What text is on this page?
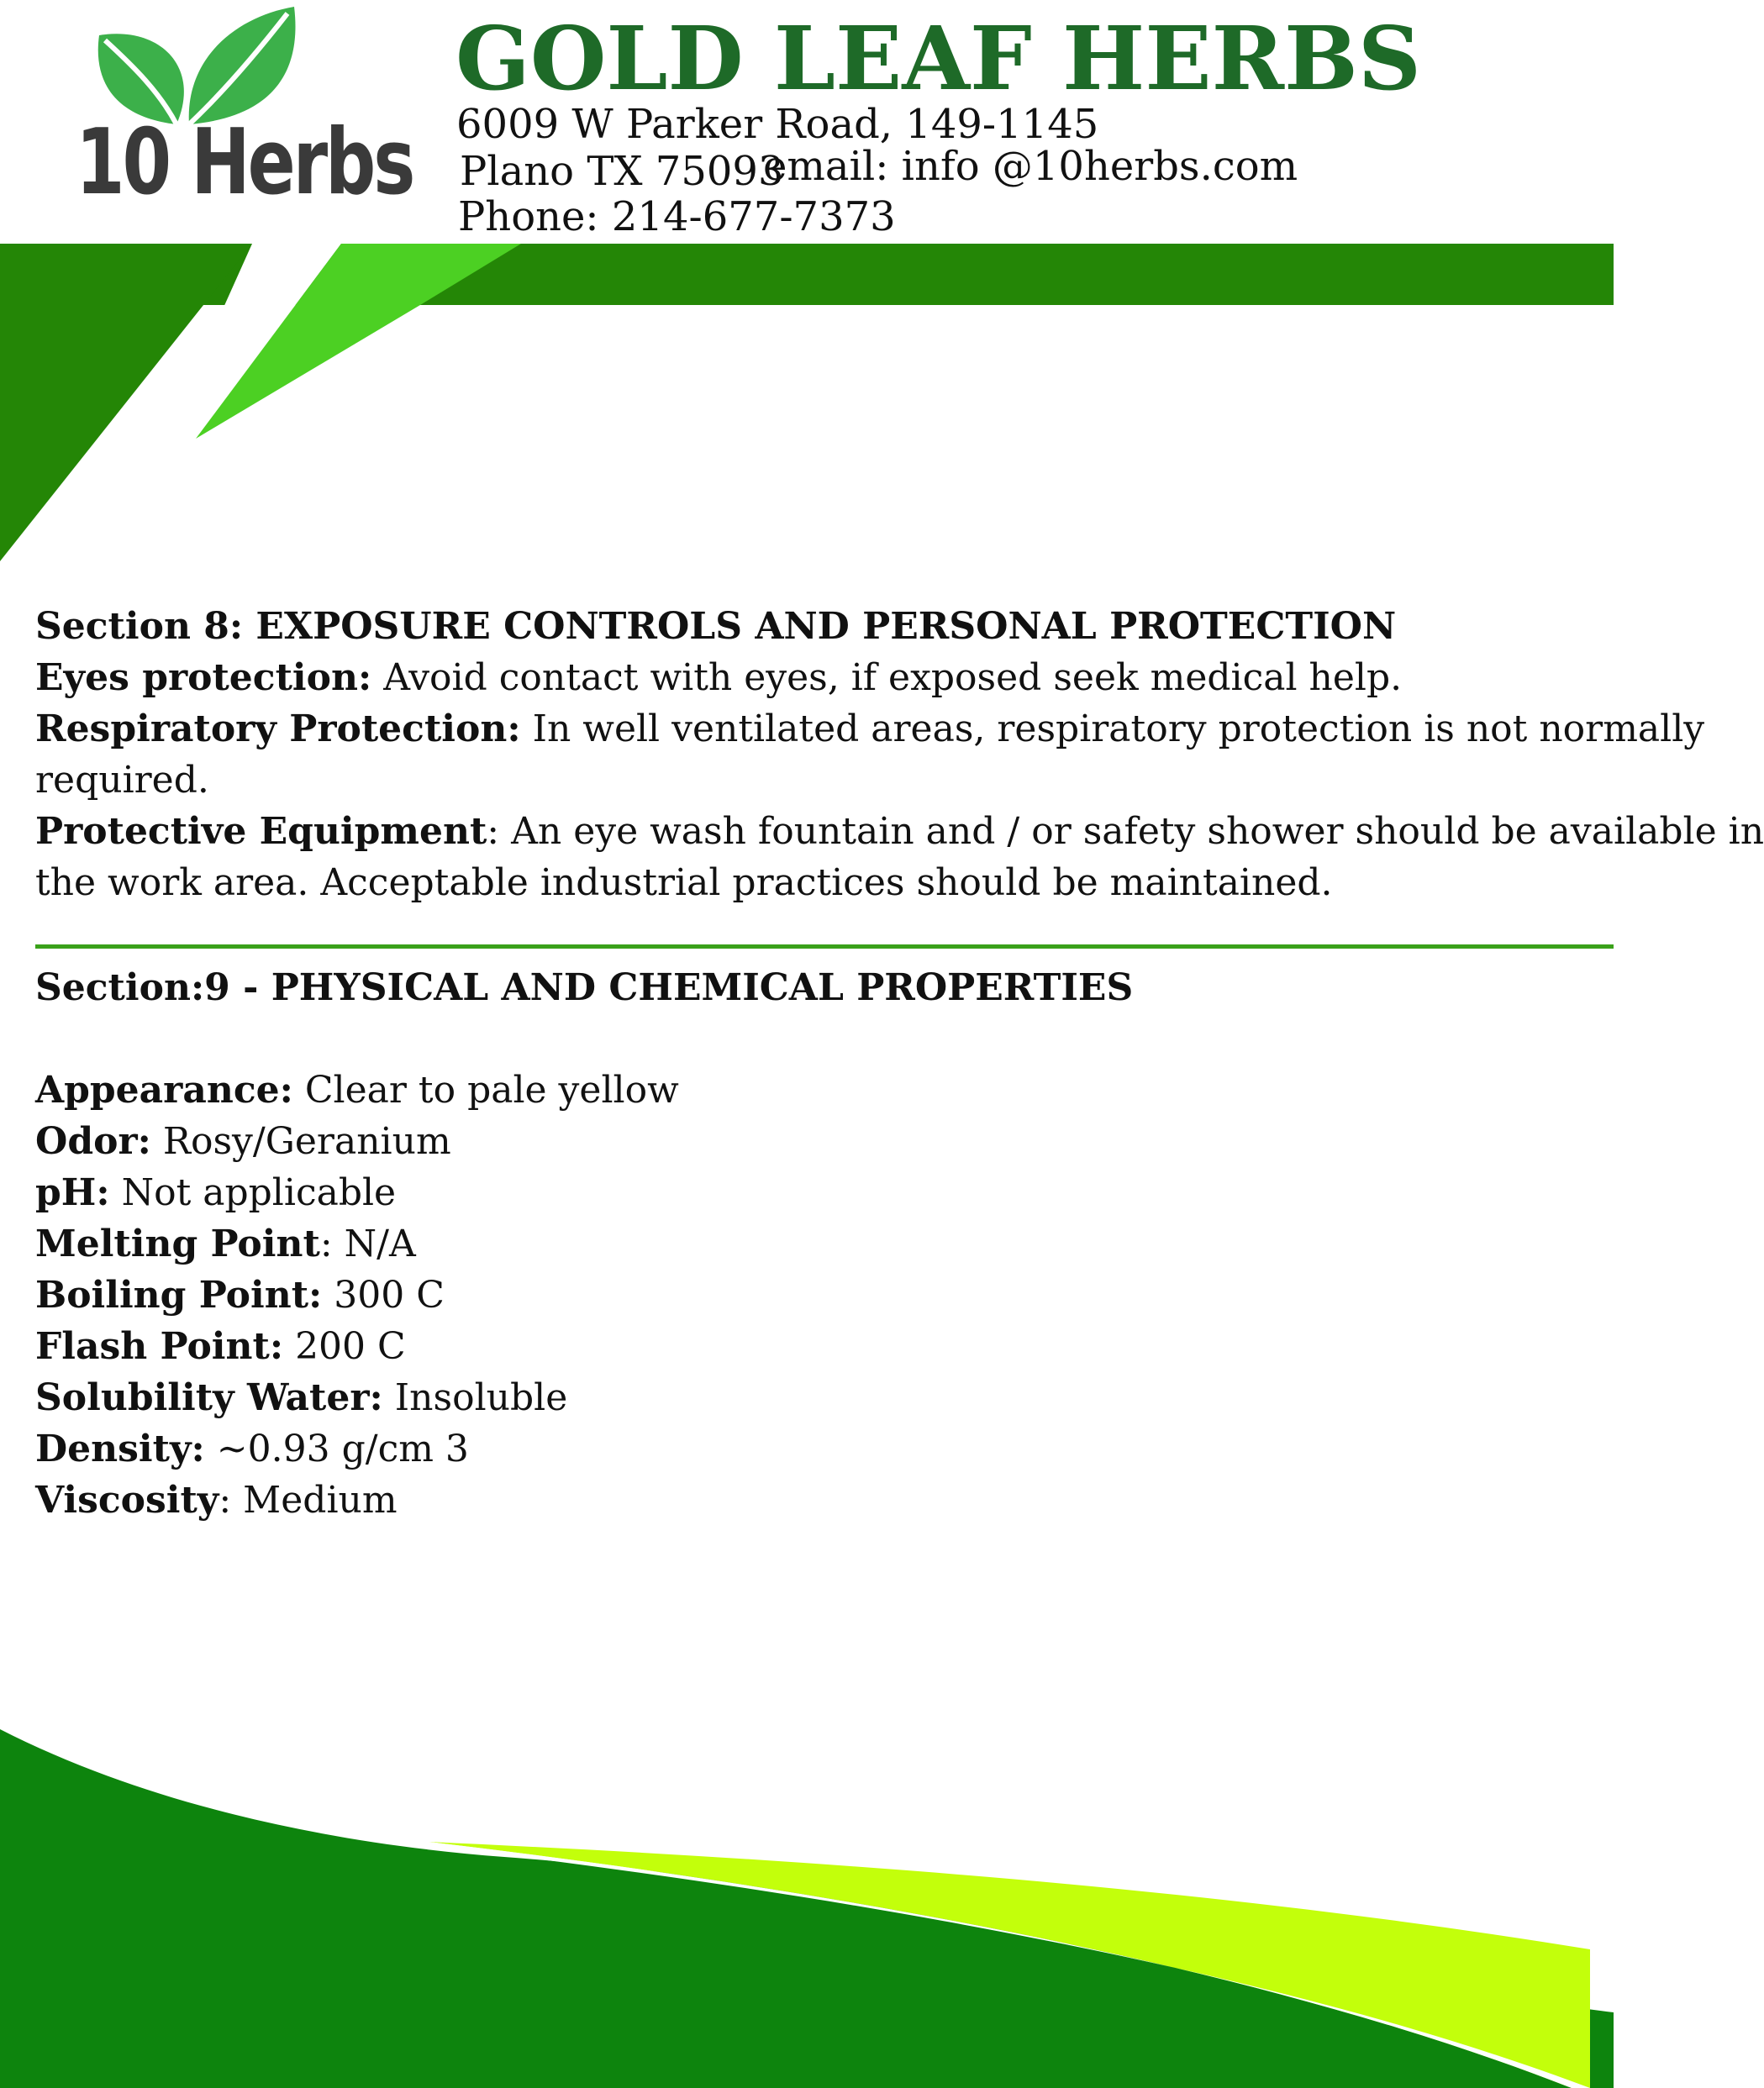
10 Herbs
GOLD LEAF HERBS
6009 W Parker Road, 149-1145
Plano TX 75093
email: info @10herbs.com
Phone: 214-677-7373
Section 8: EXPOSURE CONTROLS AND PERSONAL PROTECTION
Eyes protection: Avoid contact with eyes, if exposed seek medical help.
Respiratory Protection: In well ventilated areas, respiratory protection is not normally
required.
Protective Equipment: An eye wash fountain and / or safety shower should be available in
the work area. Acceptable industrial practices should be maintained.
Section:9 - PHYSICAL AND CHEMICAL PROPERTIES
Appearance: Clear to pale yellow
Odor: Rosy/Geranium
pH: Not applicable
Melting Point: N/A
Boiling Point: 300 C
Flash Point: 200 C
Solubility Water: Insoluble
Density: ~0.93 g/cm 3
Viscosity: Medium
